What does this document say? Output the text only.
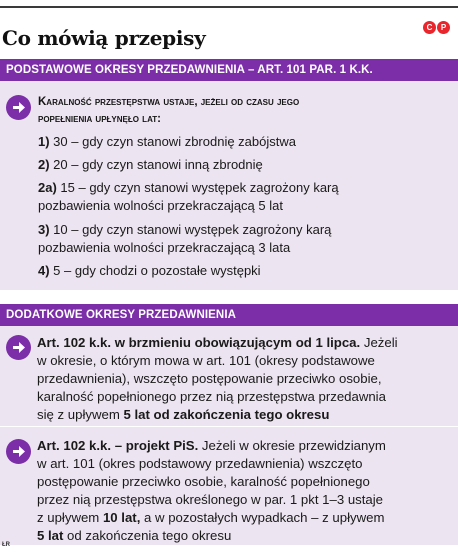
Co mówią przepisy	C	P
PODSTAWOWE OKRESY PRZEDAWNIENIA – ART. 101 PAR. 1 K.K.
Karalność przestępstwa ustaje, jeżeli od czasu jego
popełnienia upłynęło lat:
1) 30 – gdy czyn stanowi zbrodnię zabójstwa
2) 20 – gdy czyn stanowi inną zbrodnię
2a) 15 – gdy czyn stanowi występek zagrożony karą
pozbawienia wolności przekraczającą 5 lat
3) 10 – gdy czyn stanowi występek zagrożony karą
pozbawienia wolności przekraczającą 3 lata
4) 5 – gdy chodzi o pozostałe występki
DODATKOWE OKRESY PRZEDAWNIENIA
Art. 102 k.k. w brzmieniu obowiązującym od 1 lipca. Jeżeli
w okresie, o którym mowa w art. 101 (okresy podstawowe
przedawnienia), wszczęto postępowanie przeciwko osobie,
karalność popełnionego przez nią przestępstwa przedawnia
się z upływem 5 lat od zakończenia tego okresu
Art. 102 k.k. – projekt PiS. Jeżeli w okresie przewidzianym
w art. 101 (okres podstawowy przedawnienia) wszczęto
postępowanie przeciwko osobie, karalność popełnionego
przez nią przestępstwa określonego w par. 1 pkt 1–3 ustaje
z upływem 10 lat, a w pozostałych wypadkach – z upływem
5 lat od zakończenia tego okresu
ŁR
